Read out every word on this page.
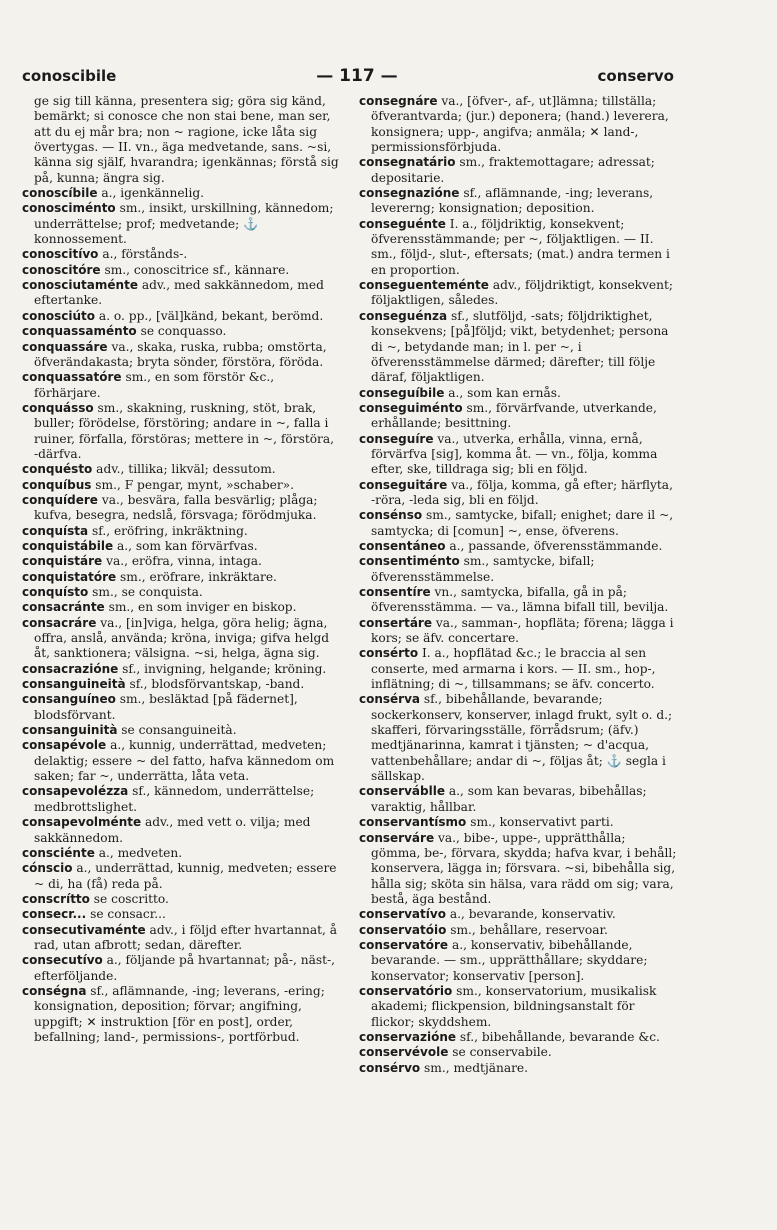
conoscibile	— 117 —	conservo

ge sig till känna, presentera sig; göra sig känd, bemärkt; si conosce che non stai bene, man ser, att du ej mår bra; non ~ ragione, icke låta sig övertygas. — II. vn., äga medvetande, sans. ~si, känna sig själf, hvarandra; igenkännas; förstå sig på, kunna; ängra sig.

conoscíbile a., igenkännelig.

conosciménto sm., insikt, urskillning, kännedom; underrättelse; prof; medvetande; ⚓ konnossement.

conoscitívo a., förstånds-.

conoscitóre sm., conoscitrice sf., kännare.

conosciutaménte adv., med sakkännedom, med eftertanke.

conosciúto a. o. pp., [väl]känd, bekant, berömd.

conquassaménto se conquasso.

conquassáre va., skaka, ruska, rubba; omstörta, öfverändakasta; bryta sönder, förstöra, föröda.

conquassatóre sm., en som förstör &c., förhärjare.

conquásso sm., skakning, ruskning, stöt, brak, buller; förödelse, förstöring; andare in ~, falla i ruiner, förfalla, förstöras; mettere in ~, förstöra, -därfva.

conquésto adv., tillika; likväl; dessutom.

conquíbus sm., F pengar, mynt, »schaber».

conquídere va., besvära, falla besvärlig; plåga; kufva, besegra, nedslå, försvaga; förödmjuka.

conquísta sf., eröfring, inkräktning.

conquistábile a., som kan förvärfvas.

conquistáre va., eröfra, vinna, intaga.

conquistatóre sm., eröfrare, inkräktare.

conquísto sm., se conquista.

consacránte sm., en som inviger en biskop.

consacráre va., [in]viga, helga, göra helig; ägna, offra, anslå, använda; kröna, inviga; gifva helgd åt, sanktionera; välsigna. ~si, helga, ägna sig.

consacrazióne sf., invigning, helgande; kröning.

consanguineità sf., blodsförvantskap, -band.

consanguíneo sm., besläktad [på fädernet], blodsförvant.

consanguinità se consanguineità.

consapévole a., kunnig, underrättad, medveten; delaktig; essere ~ del fatto, hafva kännedom om saken; far ~, underrätta, låta veta.

consapevolézza sf., kännedom, underrättelse; medbrottslighet.

consapevolménte adv., med vett o. vilja; med sakkännedom.

consciénte a., medveten.

cónscio a., underrättad, kunnig, medveten; essere ~ di, ha (få) reda på.

conscrítto se coscritto.

consecr... se consacr...

consecutivaménte adv., i följd efter hvartannat, å rad, utan afbrott; sedan, därefter.

consecutívo a., följande på hvartannat; på-, näst-, efterföljande.

conségna sf., aflämnande, -ing; leverans, -ering; konsignation, deposition; förvar; angifning, uppgift; ✕ instruktion [för en post], order, befallning; land-, permissions-, portförbud.

consegnáre va., [öfver-, af-, ut]lämna; tillställa; öfverantvarda; (jur.) deponera; (hand.) leverera, konsignera; upp-, angifva; anmäla; ✕ land-, permissionsförbjuda.

consegnatário sm., fraktemottagare; adressat; depositarie.

consegnazióne sf., aflämnande, -ing; leverans, levererng; konsignation; deposition.

conseguénte I. a., följdriktig, konsekvent; öfverensstämmande; per ~, följaktligen. — II. sm., följd-, slut-, eftersats; (mat.) andra termen i en proportion.

conseguenteménte adv., följdriktigt, konsekvent; följaktligen, således.

conseguénza sf., slutföljd, -sats; följdriktighet, konsekvens; [på]följd; vikt, betydenhet; persona di ~, betydande man; in l. per ~, i öfverensstämmelse därmed; därefter; till följe däraf, följaktligen.

conseguíbile a., som kan ernås.

conseguiménto sm., förvärfvande, utverkande, erhållande; besittning.

conseguíre va., utverka, erhålla, vinna, ernå, förvärfva [sig], komma åt. — vn., följa, komma efter, ske, tilldraga sig; bli en följd.

conseguitáre va., följa, komma, gå efter; härflyta, -röra, -leda sig, bli en följd.

consénso sm., samtycke, bifall; enighet; dare il ~, samtycka; di [comun] ~, ense, öfverens.

consentáneo a., passande, öfverensstämmande.

consentiménto sm., samtycke, bifall; öfverensstämmelse.

consentíre vn., samtycka, bifalla, gå in på; öfverensstämma. — va., lämna bifall till, bevilja.

consertáre va., samman-, hopfläta; förena; lägga i kors; se äfv. concertare.

consérto I. a., hopflätad &c.; le braccia al sen conserte, med armarna i kors. — II. sm., hop-, inflätning; di ~, tillsammans; se äfv. concerto.

consérva sf., bibehållande, bevarande; sockerkonserv, konserver, inlagd frukt, sylt o. d.; skafferi, förvaringsställe, förrådsrum; (äfv.) medtjänarinna, kamrat i tjänsten; ~ d'acqua, vattenbehållare; andar di ~, följas åt; ⚓ segla i sällskap.

conserváblle a., som kan bevaras, bibehållas; varaktig, hållbar.

conservantísmo sm., konservativt parti.

conserváre va., bibe-, uppe-, upprätthålla; gömma, be-, förvara, skydda; hafva kvar, i behåll; konservera, lägga in; försvara. ~si, bibehålla sig, hålla sig; sköta sin hälsa, vara rädd om sig; vara, bestå, äga bestånd.

conservatívo a., bevarande, konservativ.

conservatóio sm., behållare, reservoar.

conservatóre a., konservativ, bibehållande, bevarande. — sm., upprätthållare; skyddare; konservator; konservativ [person].

conservatório sm., konservatorium, musikalisk akademi; flickpension, bildningsanstalt för flickor; skyddshem.

conservazióne sf., bibehållande, bevarande &c.

conservévole se conservabile.

consérvo sm., medtjänare.
